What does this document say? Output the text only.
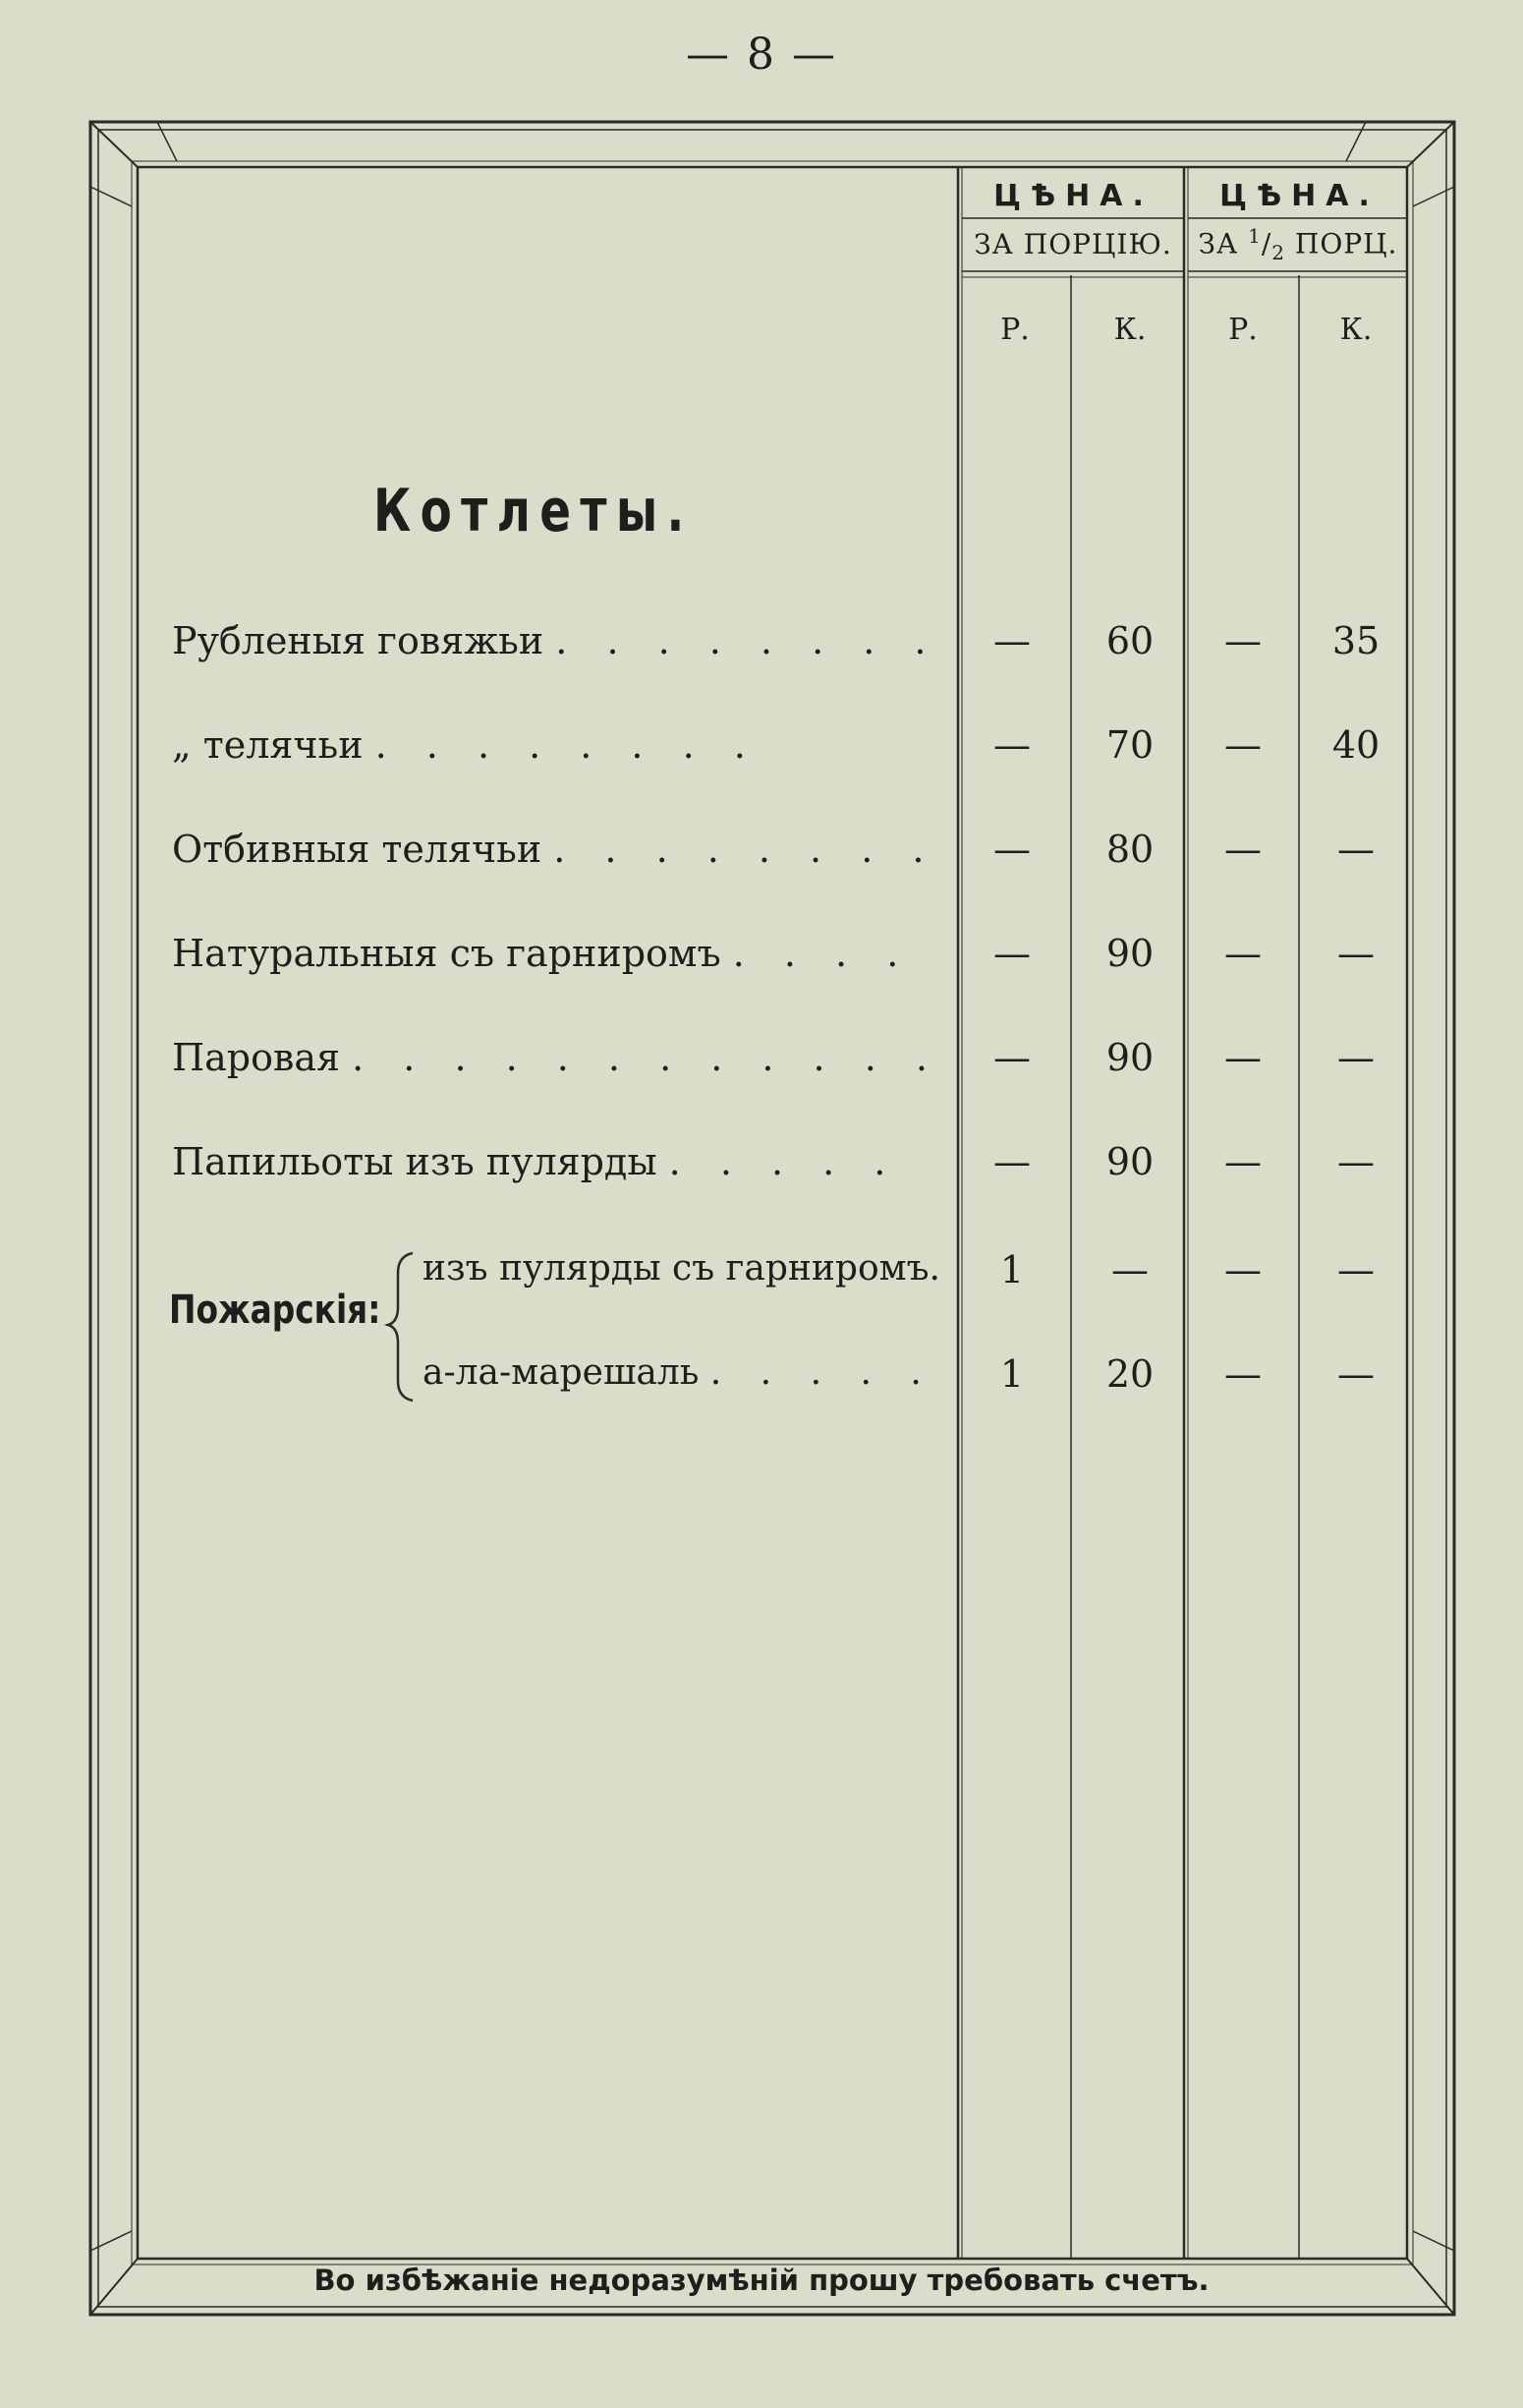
— 8 —
ЦѢНА.	ЦѢНА.
ЗА ПОРЦІЮ. ЗА $^1/_2$ ПОРЦ.
Р.	К.	Р.	К.
Котлеты.
Рубленыя говяжьи . . . . . . . .	—	60	—	35
„ телячьи . . . . . . . .	—	70	—	40
Отбивныя телячьи . . . . . . . .	—	80	—	—
Натуральныя съ гарниромъ . . . .	—	90	—	—
Паровая . . . . . . . . . . . .	—	90	—	—
Папильоты изъ пулярды . . . . .	—	90	—	—
Пожарскія:
изъ пулярды съ гарниромъ.	1	—	—	—
а-ла-марешаль . . . . .	1	20	—	—
Во избѣжаніе недоразумѣній прошу требовать счетъ.
